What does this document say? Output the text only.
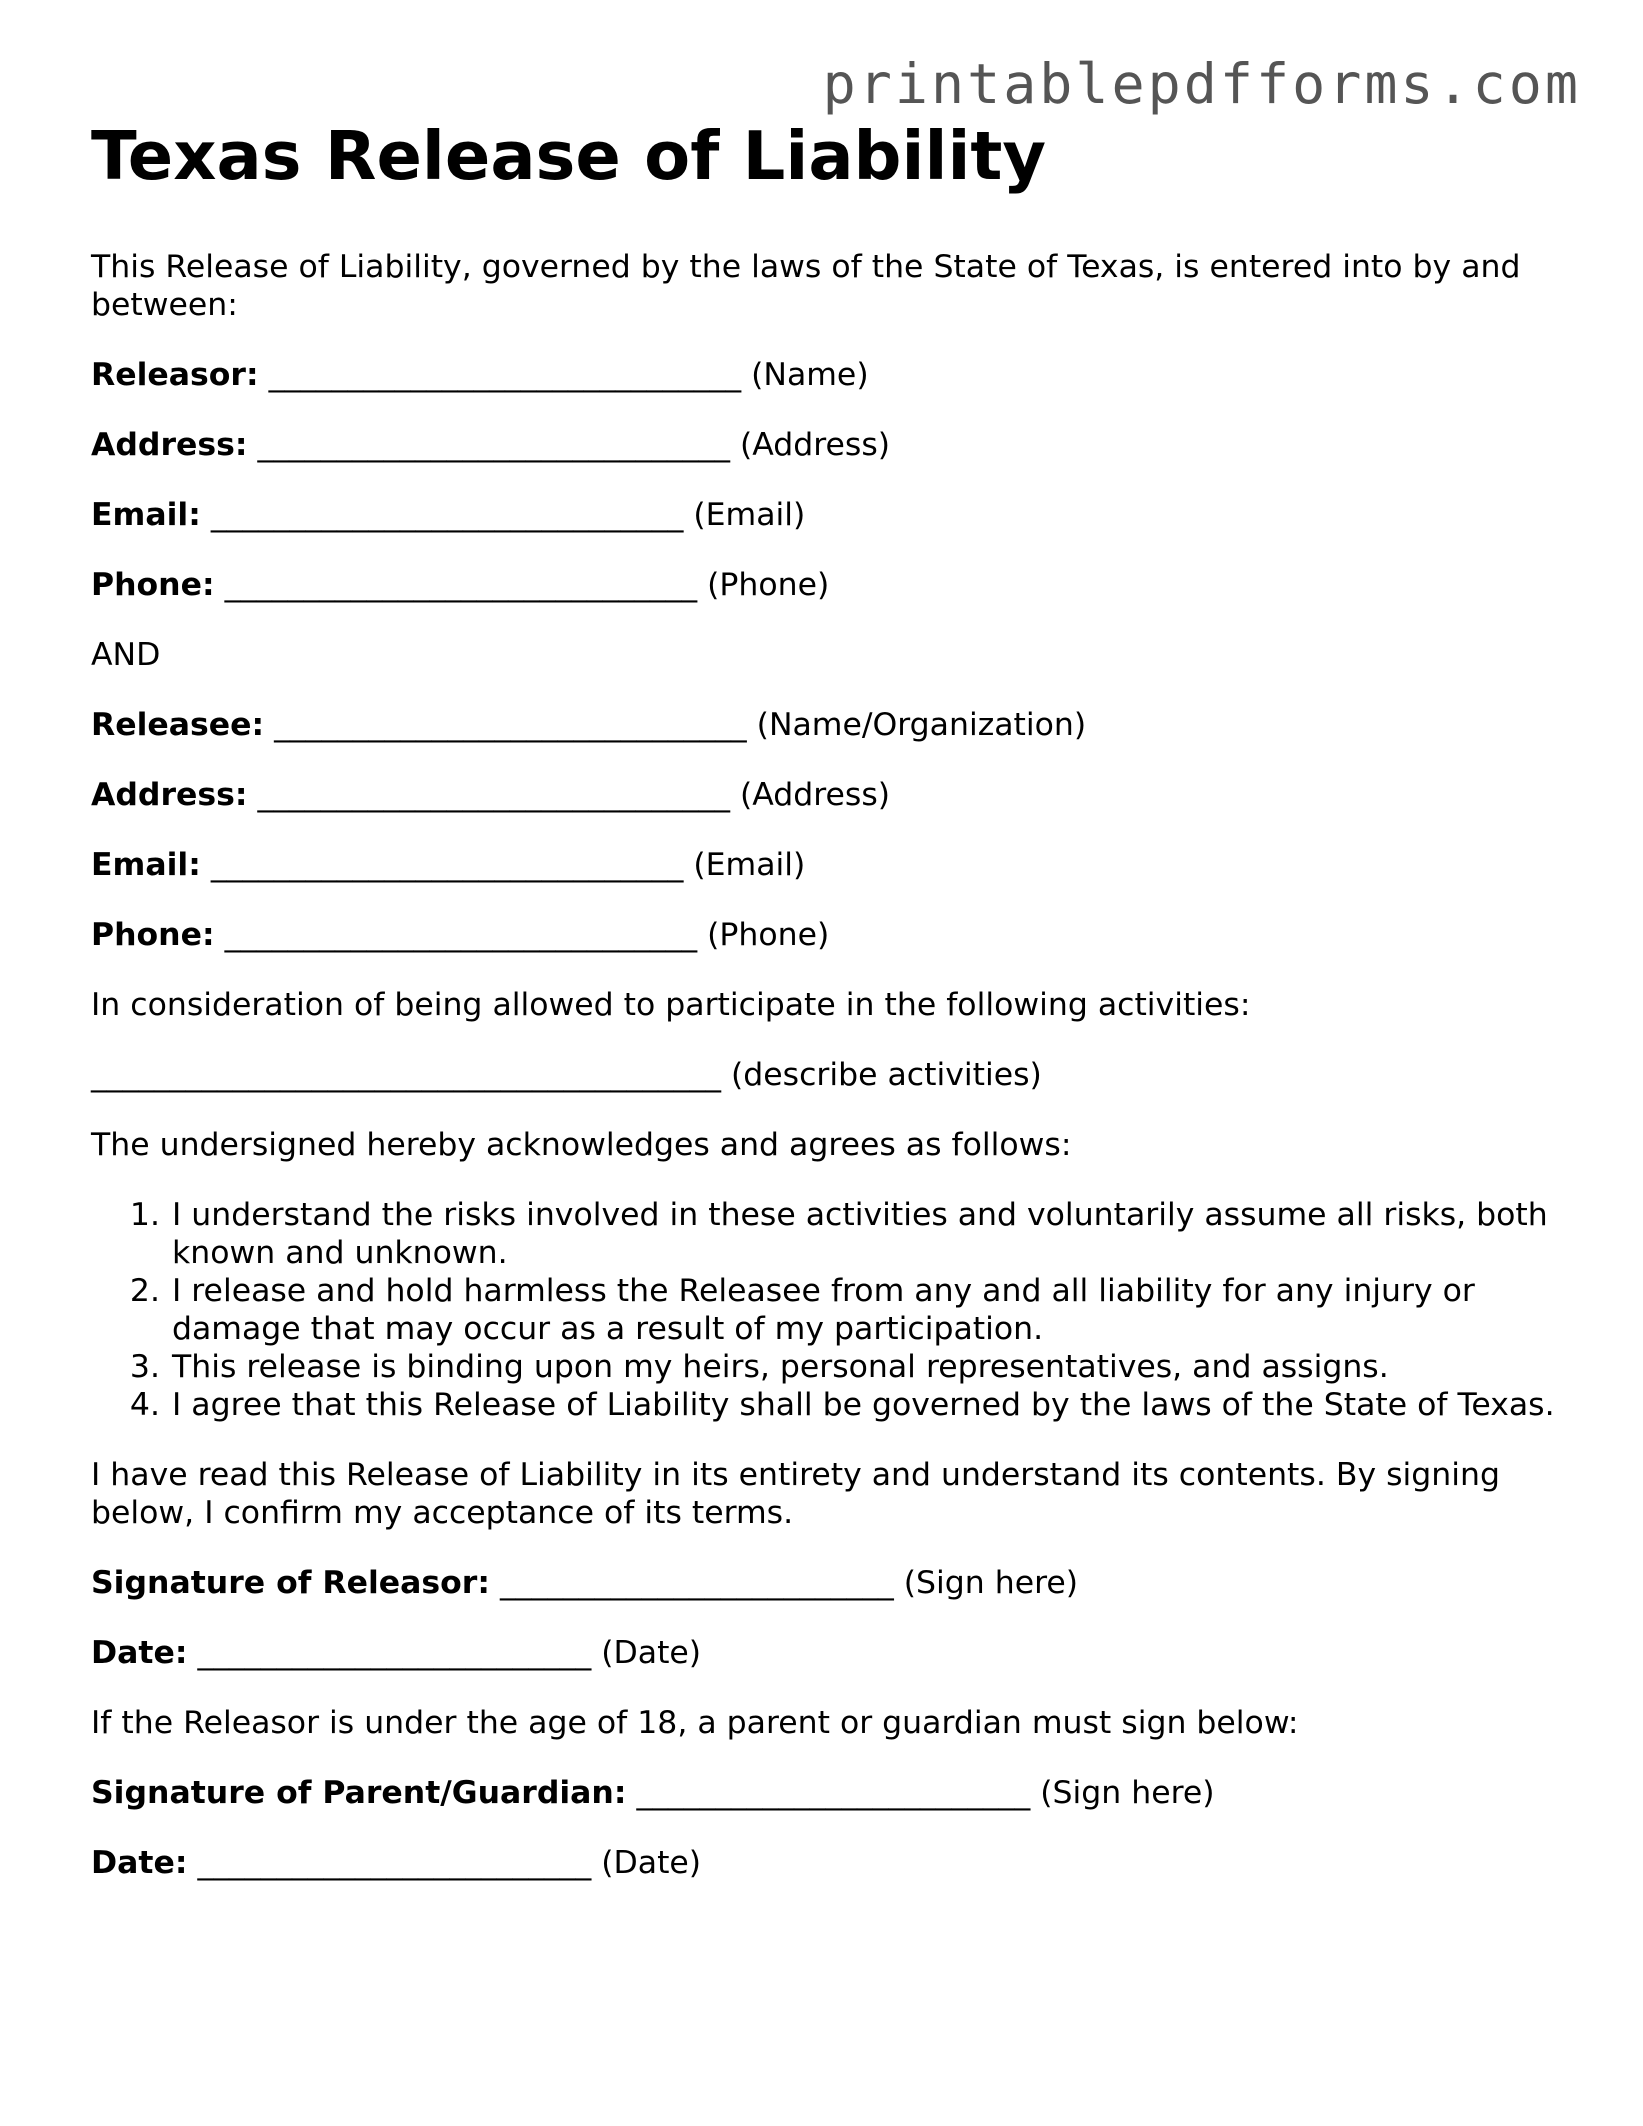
printablepdfforms.com
Texas Release of Liability

This Release of Liability, governed by the laws of the State of Texas, is entered into by and between:

Releasor: ______________________________ (Name)

Address: ______________________________ (Address)

Email: ______________________________ (Email)

Phone: ______________________________ (Phone)

AND

Releasee: ______________________________ (Name/Organization)

Address: ______________________________ (Address)

Email: ______________________________ (Email)

Phone: ______________________________ (Phone)

In consideration of being allowed to participate in the following activities:

________________________________________ (describe activities)

The undersigned hereby acknowledges and agrees as follows:

1. I understand the risks involved in these activities and voluntarily assume all risks, both known and unknown.
2. I release and hold harmless the Releasee from any and all liability for any injury or damage that may occur as a result of my participation.
3. This release is binding upon my heirs, personal representatives, and assigns.
4. I agree that this Release of Liability shall be governed by the laws of the State of Texas.

I have read this Release of Liability in its entirety and understand its contents. By signing below, I confirm my acceptance of its terms.

Signature of Releasor: _________________________ (Sign here)

Date: _________________________ (Date)

If the Releasor is under the age of 18, a parent or guardian must sign below:

Signature of Parent/Guardian: _________________________ (Sign here)

Date: _________________________ (Date)
